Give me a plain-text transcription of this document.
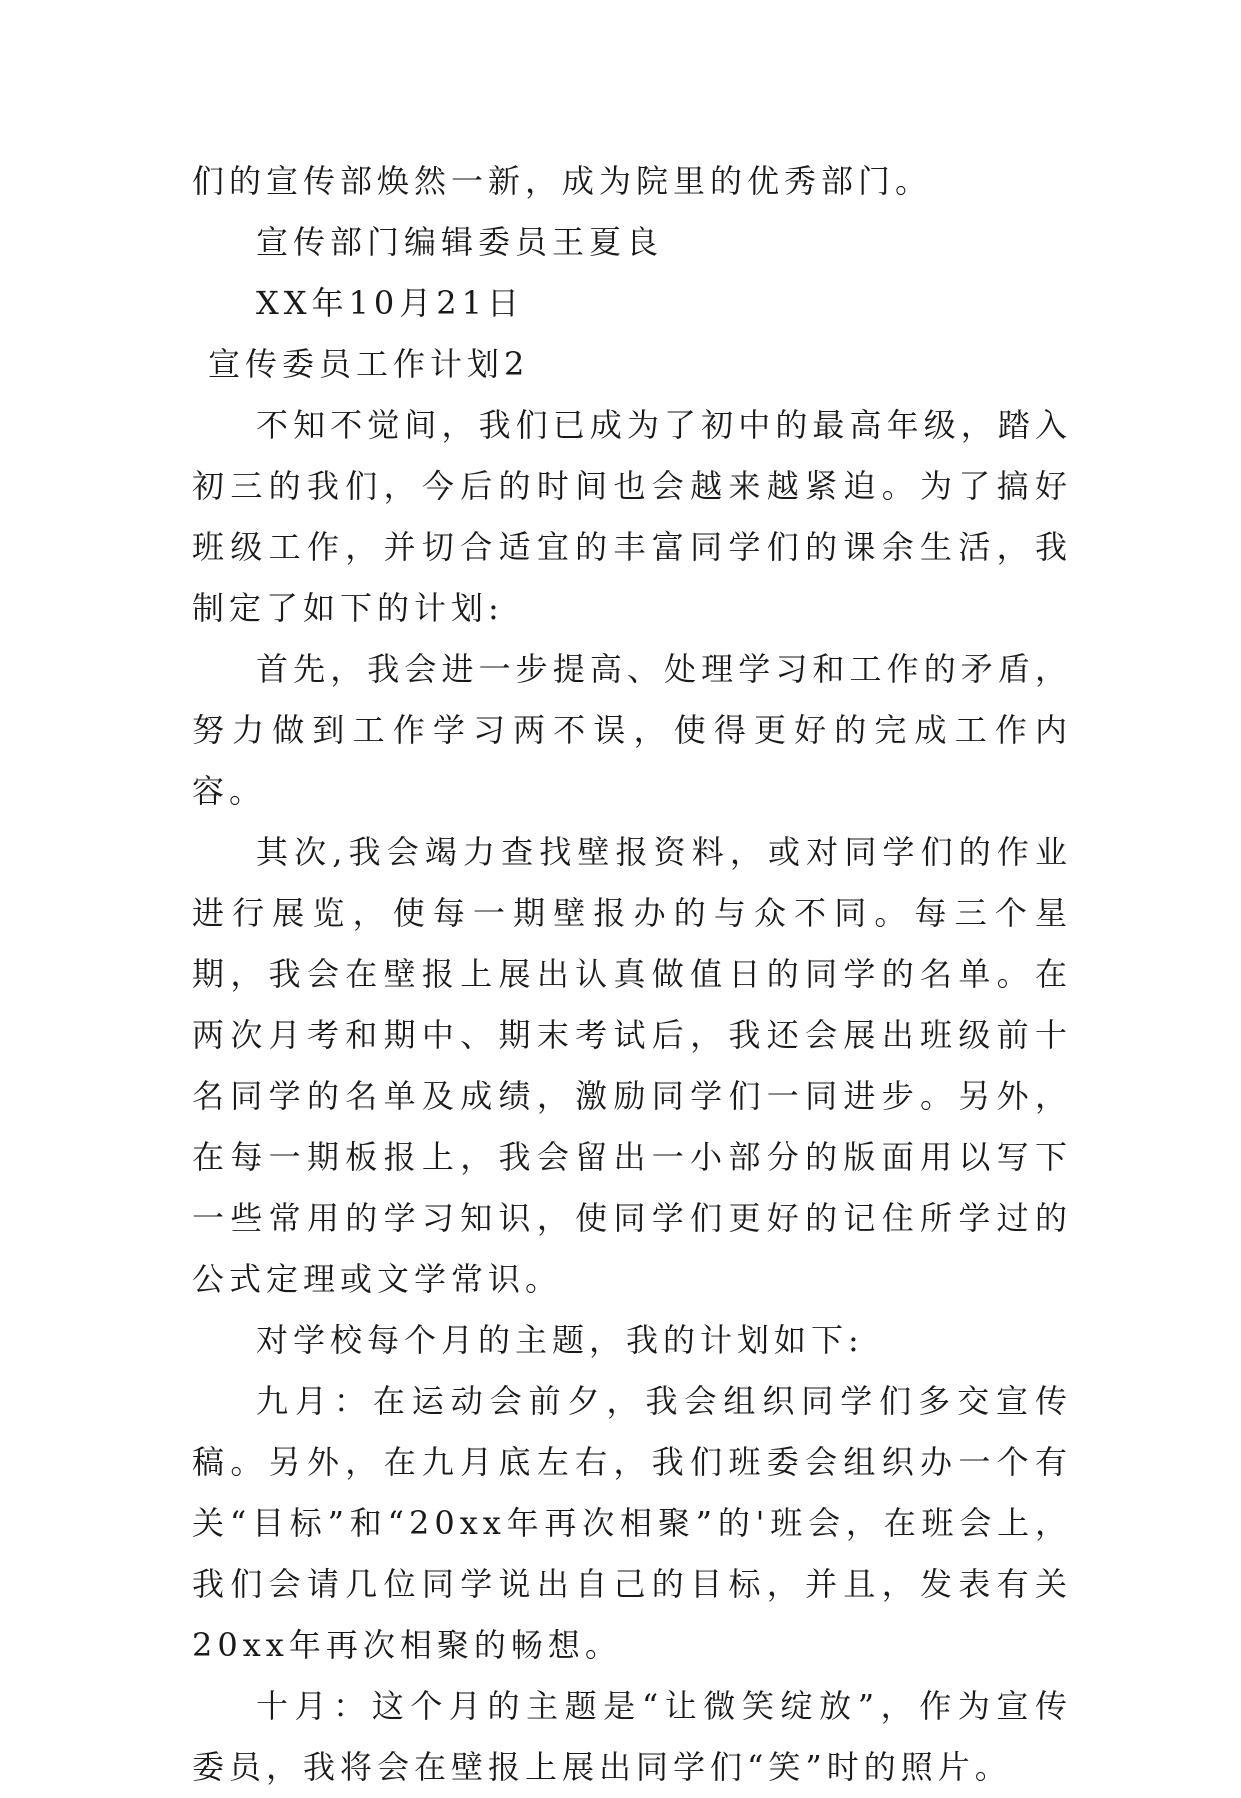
们的宣传部焕然一新，成为院里的优秀部门。

宣传部门编辑委员王夏良

XX年10月21日

宣传委员工作计划2

不知不觉间，我们已成为了初中的最高年级，踏入初三的我们，今后的时间也会越来越紧迫。为了搞好班级工作，并切合适宜的丰富同学们的课余生活，我制定了如下的计划:

首先，我会进一步提高、处理学习和工作的矛盾，努力做到工作学习两不误，使得更好的完成工作内容。

其次,我会竭力查找壁报资料，或对同学们的作业进行展览，使每一期壁报办的与众不同。每三个星期，我会在壁报上展出认真做值日的同学的名单。在两次月考和期中、期末考试后，我还会展出班级前十名同学的名单及成绩，激励同学们一同进步。另外，在每一期板报上，我会留出一小部分的版面用以写下一些常用的学习知识，使同学们更好的记住所学过的公式定理或文学常识。

对学校每个月的主题，我的计划如下:

九月：在运动会前夕，我会组织同学们多交宣传稿。另外，在九月底左右，我们班委会组织办一个有关“目标”和“20xx年再次相聚”的'班会，在班会上，我们会请几位同学说出自己的目标，并且，发表有关20xx年再次相聚的畅想。

十月：这个月的主题是“让微笑绽放”，作为宣传委员，我将会在壁报上展出同学们“笑”时的照片。
